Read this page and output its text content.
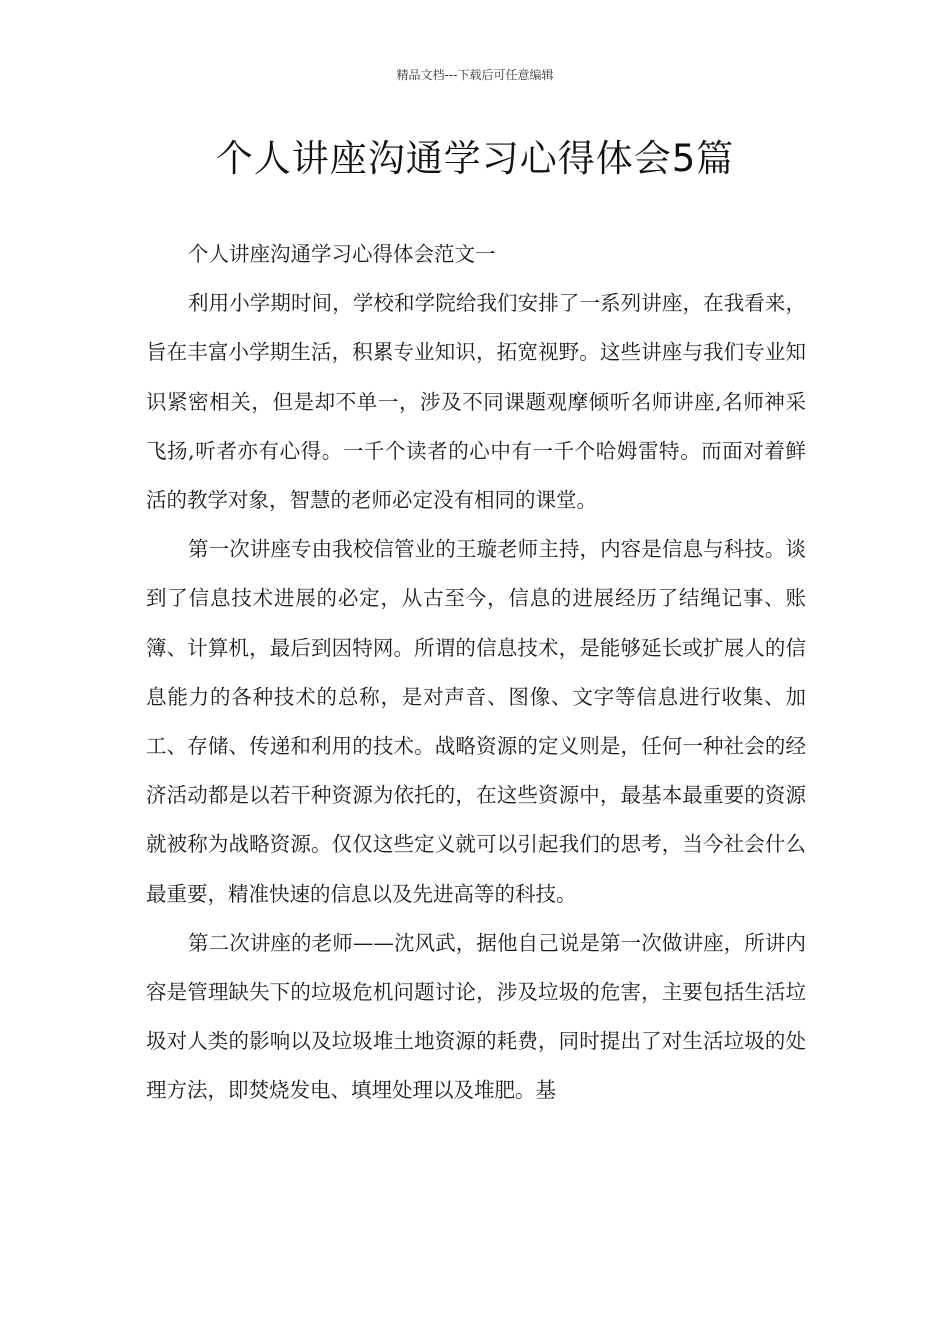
精品文档---下载后可任意编辑
个人讲座沟通学习心得体会5篇

个人讲座沟通学习心得体会范文一

利用小学期时间，学校和学院给我们安排了一系列讲座，在我看来，旨在丰富小学期生活，积累专业知识，拓宽视野。这些讲座与我们专业知识紧密相关，但是却不单一，涉及不同课题观摩倾听名师讲座,名师神采飞扬,听者亦有心得。一千个读者的心中有一千个哈姆雷特。而面对着鲜活的教学对象，智慧的老师必定没有相同的课堂。

第一次讲座专由我校信管业的王璇老师主持，内容是信息与科技。谈到了信息技术进展的必定，从古至今，信息的进展经历了结绳记事、账簿、计算机，最后到因特网。所谓的信息技术，是能够延长或扩展人的信息能力的各种技术的总称，是对声音、图像、文字等信息进行收集、加工、存储、传递和利用的技术。战略资源的定义则是，任何一种社会的经济活动都是以若干种资源为依托的，在这些资源中，最基本最重要的资源就被称为战略资源。仅仅这些定义就可以引起我们的思考，当今社会什么最重要，精准快速的信息以及先进高等的科技。

第二次讲座的老师——沈风武，据他自己说是第一次做讲座，所讲内容是管理缺失下的垃圾危机问题讨论，涉及垃圾的危害，主要包括生活垃圾对人类的影响以及垃圾堆土地资源的耗费，同时提出了对生活垃圾的处理方法，即焚烧发电、填埋处理以及堆肥。基
